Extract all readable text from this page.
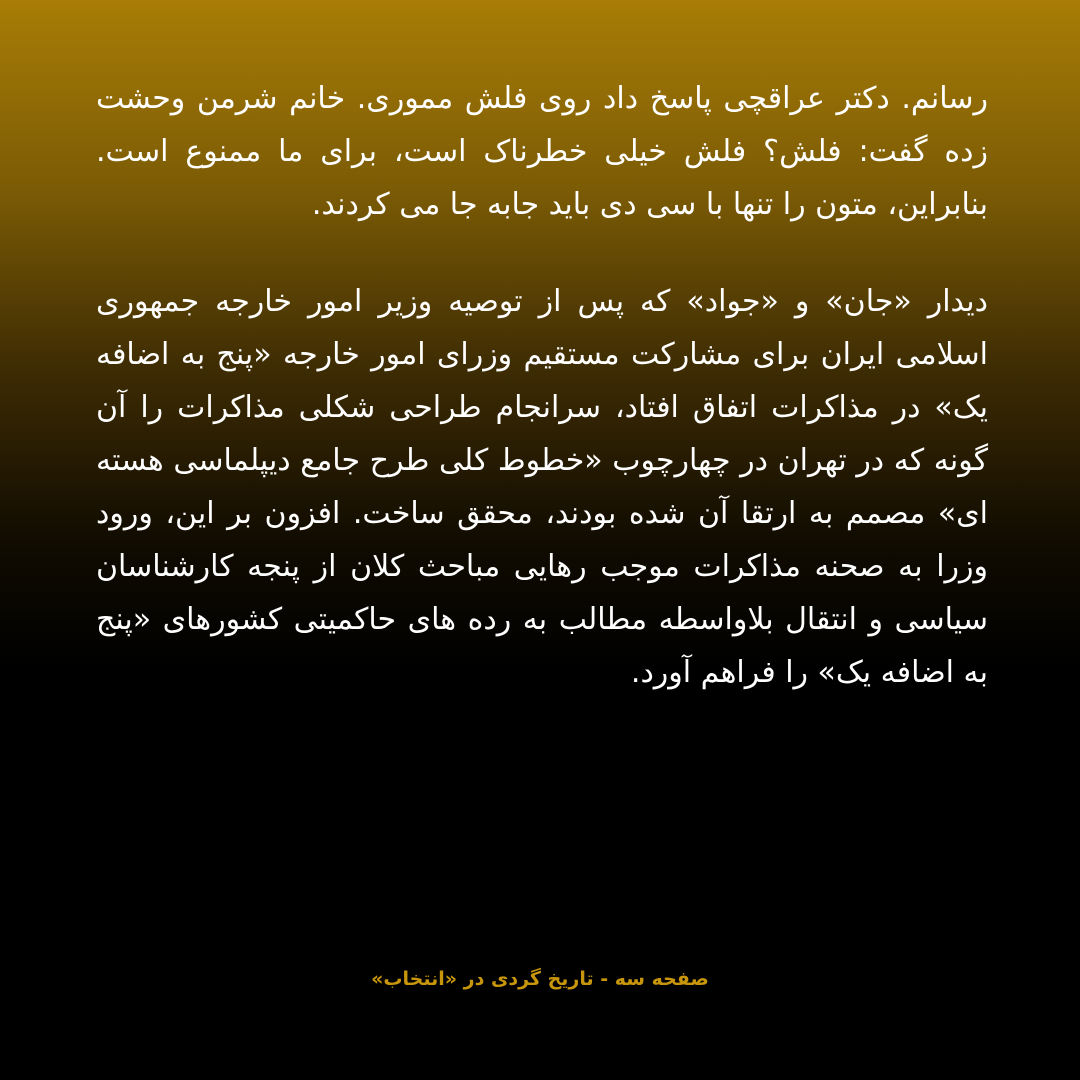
رسانم. دکتر عراقچی پاسخ داد روی فلش مموری. خانم شرمن وحشت زده گفت: فلش؟ فلش خیلی خطرناک است، برای ما ممنوع است. بنابراین، متون را تنها با سی دی باید جابه جا می کردند.

دیدار «جان» و «جواد» که پس از توصیه وزیر امور خارجه جمهوری اسلامی ایران برای مشارکت مستقیم وزرای امور خارجه «پنج به اضافه یک» در مذاکرات اتفاق افتاد، سرانجام طراحی شکلی مذاکرات را آن گونه که در تهران در چهارچوب «خطوط کلی طرح جامع دیپلماسی هسته ای» مصمم به ارتقا آن شده بودند، محقق ساخت. افزون بر این، ورود وزرا به صحنه مذاکرات موجب رهایی مباحث کلان از پنجه کارشناسان سیاسی و انتقال بلاواسطه مطالب به رده های حاکمیتی کشورهای «پنج به اضافه یک» را فراهم آورد.

صفحه سه - تاریخ گردی در «انتخاب»
